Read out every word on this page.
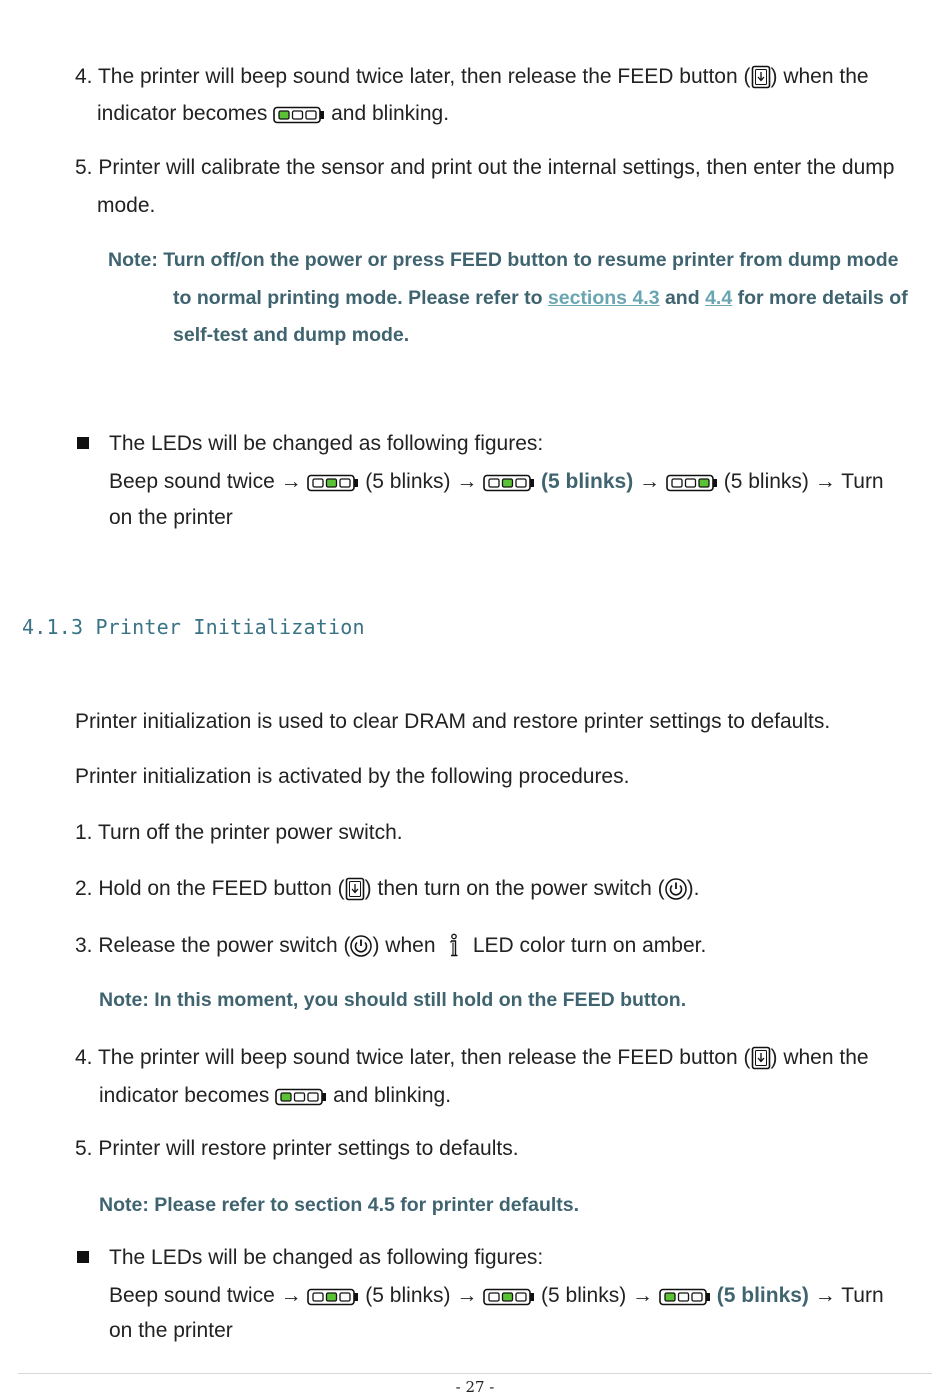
4. The printer will beep sound twice later, then release the FEED button ( ) when the
indicator becomes	and blinking.
5. Printer will calibrate the sensor and print out the internal settings, then enter the dump
mode.
Note: Turn off/on the power or press FEED button to resume printer from dump mode
to normal printing mode. Please refer to sections 4.3 and 4.4 for more details of
self-test and dump mode.
The LEDs will be changed as following figures:
Beep sound twice →	(5 blinks) →	(5 blinks) →	(5 blinks) → Turn
on the printer
4.1.3 Printer Initialization
Printer initialization is used to clear DRAM and restore printer settings to defaults.
Printer initialization is activated by the following procedures.
1. Turn off the printer power switch.
2. Hold on the FEED button ( ) then turn on the power switch ( ).
3. Release the power switch ( ) when LED color turn on amber.
Note: In this moment, you should still hold on the FEED button.
4. The printer will beep sound twice later, then release the FEED button ( ) when the
indicator becomes	and blinking.
5. Printer will restore printer settings to defaults.
Note: Please refer to section 4.5 for printer defaults.
The LEDs will be changed as following figures:
Beep sound twice →	(5 blinks) →	(5 blinks) →	(5 blinks) → Turn
on the printer
- 27 -
